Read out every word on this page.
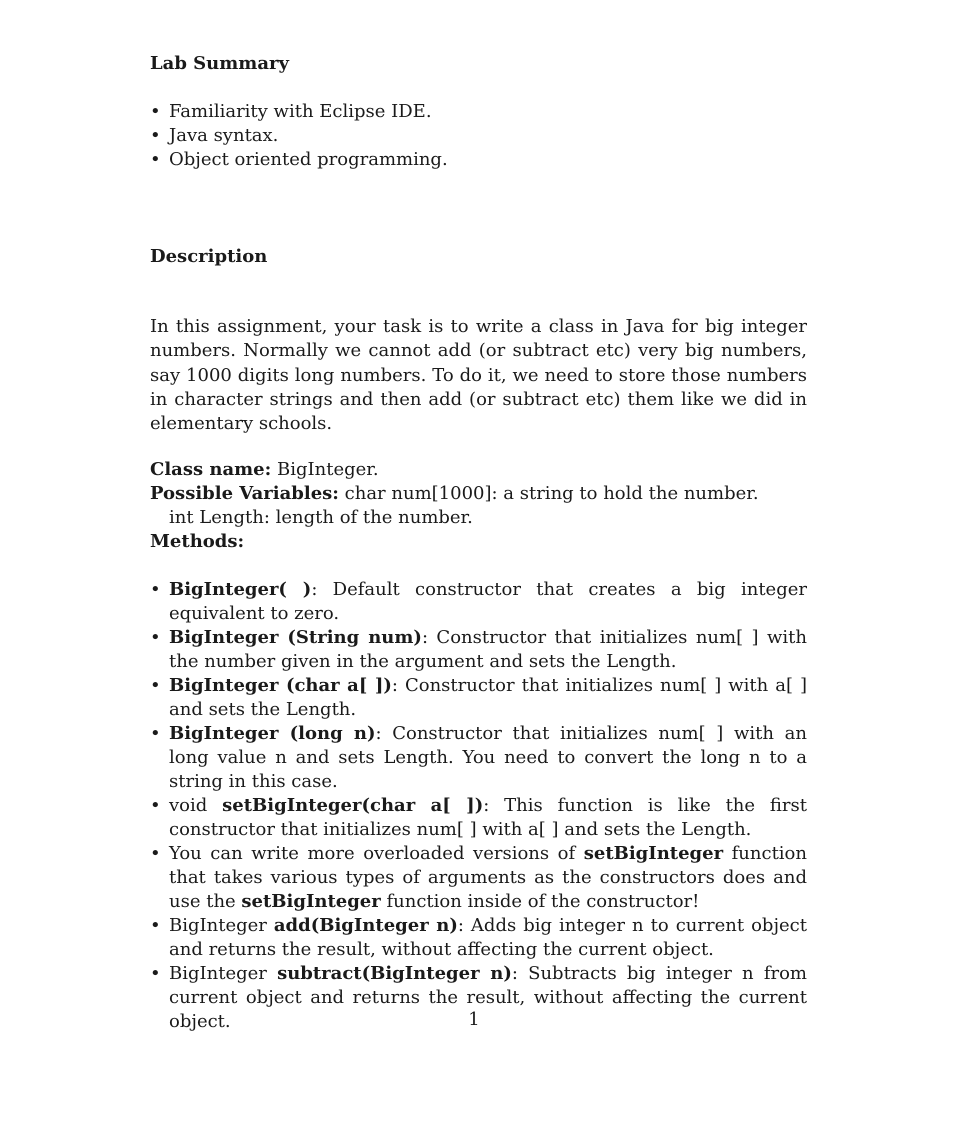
Lab Summary
• Familiarity with Eclipse IDE.
• Java syntax.
• Object oriented programming.
Description

In this assignment, your task is to write a class in Java for big integer numbers. Normally we cannot add (or subtract etc) very big numbers, say 1000 digits long numbers. To do it, we need to store those numbers in character strings and then add (or subtract etc) them like we did in elementary schools.

Class name: BigInteger.

Possible Variables: char num[1000]: a string to hold the number.

int Length: length of the number.

Methods:

• BigInteger( ): Default constructor that creates a big integer equivalent to zero.
• BigInteger (String num): Constructor that initializes num[ ] with the number given in the argument and sets the Length.
• BigInteger (char a[ ]): Constructor that initializes num[ ] with a[ ] and sets the Length.
• BigInteger (long n): Constructor that initializes num[ ] with an long value n and sets Length. You need to convert the long n to a string in this case.
• void setBigInteger(char a[ ]): This function is like the first constructor that initializes num[ ] with a[ ] and sets the Length.
• You can write more overloaded versions of setBigInteger function that takes various types of arguments as the constructors does and use the setBigInteger function inside of the constructor!
• BigInteger add(BigInteger n): Adds big integer n to current object and returns the result, without affecting the current object.
• BigInteger subtract(BigInteger n): Subtracts big integer n from current object and returns the result, without affecting the current object.	1
